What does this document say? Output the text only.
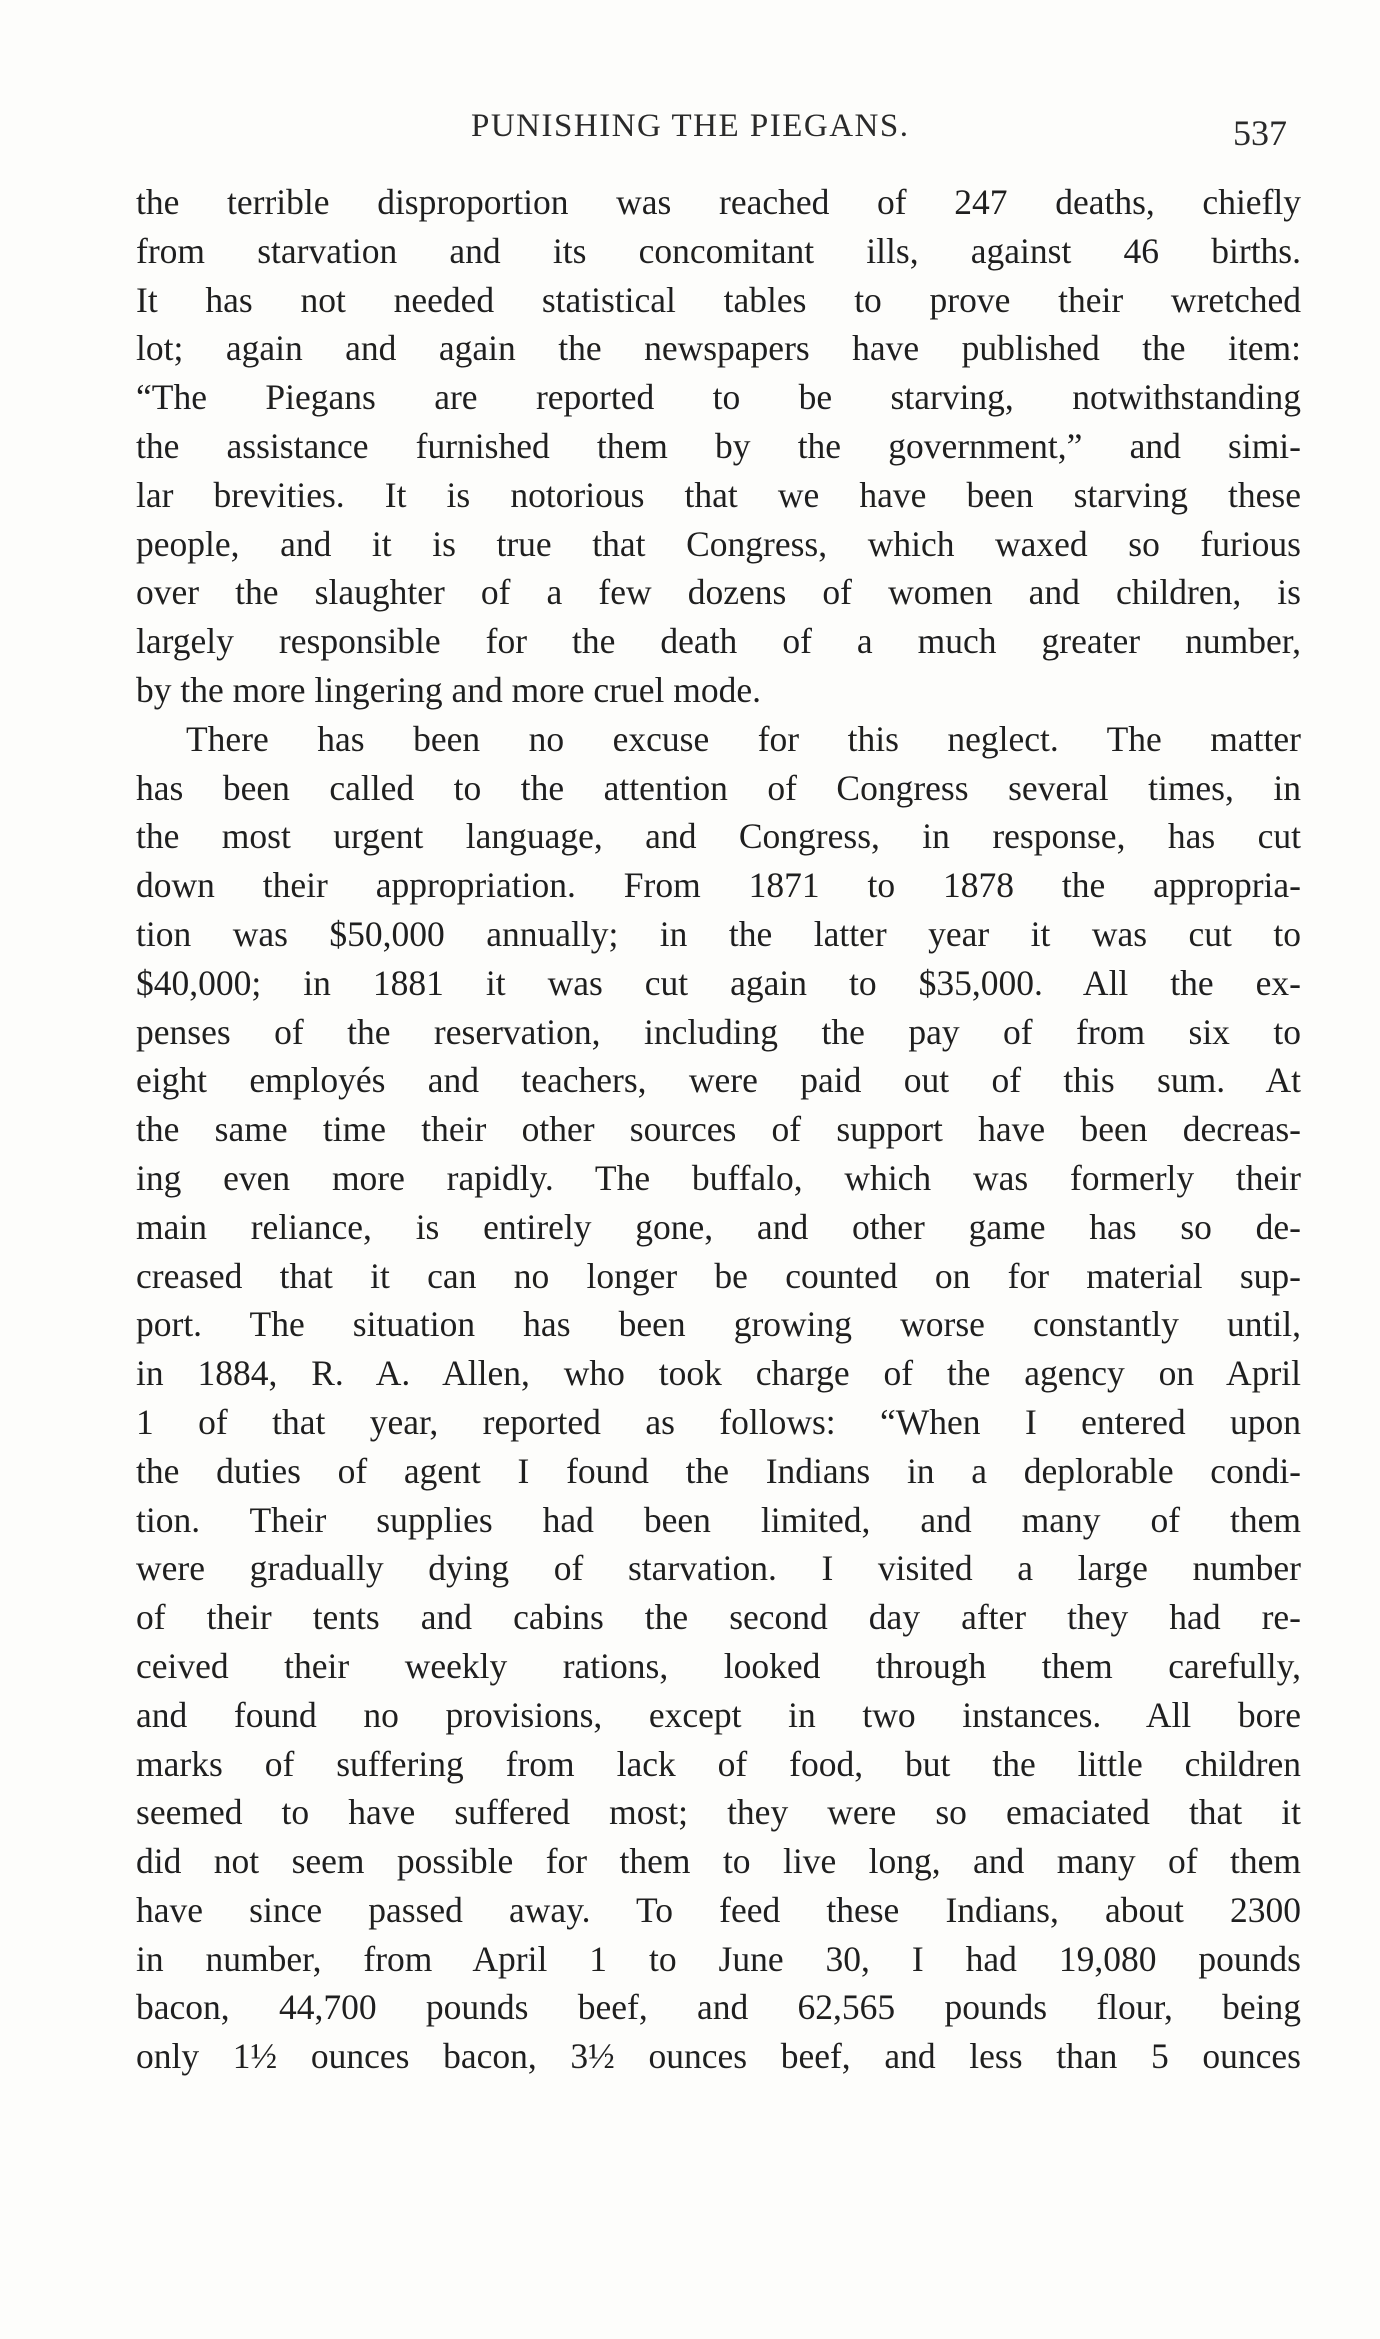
PUNISHING THE PIEGANS.	537
the terrible disproportion was reached of 247 deaths, chiefly
from starvation and its concomitant ills, against 46 births.
It has not needed statistical tables to prove their wretched
lot; again and again the newspapers have published the item:
“The Piegans are reported to be starving, notwithstanding
the assistance furnished them by the government,” and simi-
lar brevities. It is notorious that we have been starving these
people, and it is true that Congress, which waxed so furious
over the slaughter of a few dozens of women and children, is
largely responsible for the death of a much greater number,
by the more lingering and more cruel mode.
There has been no excuse for this neglect. The matter
has been called to the attention of Congress several times, in
the most urgent language, and Congress, in response, has cut
down their appropriation. From 1871 to 1878 the appropria-
tion was $50,000 annually; in the latter year it was cut to
$40,000; in 1881 it was cut again to $35,000. All the ex-
penses of the reservation, including the pay of from six to
eight employés and teachers, were paid out of this sum. At
the same time their other sources of support have been decreas-
ing even more rapidly. The buffalo, which was formerly their
main reliance, is entirely gone, and other game has so de-
creased that it can no longer be counted on for material sup-
port. The situation has been growing worse constantly until,
in 1884, R. A. Allen, who took charge of the agency on April
1 of that year, reported as follows: “When I entered upon
the duties of agent I found the Indians in a deplorable condi-
tion. Their supplies had been limited, and many of them
were gradually dying of starvation. I visited a large number
of their tents and cabins the second day after they had re-
ceived their weekly rations, looked through them carefully,
and found no provisions, except in two instances. All bore
marks of suffering from lack of food, but the little children
seemed to have suffered most; they were so emaciated that it
did not seem possible for them to live long, and many of them
have since passed away. To feed these Indians, about 2300
in number, from April 1 to June 30, I had 19,080 pounds
bacon, 44,700 pounds beef, and 62,565 pounds flour, being
only 1½ ounces bacon, 3½ ounces beef, and less than 5 ounces
